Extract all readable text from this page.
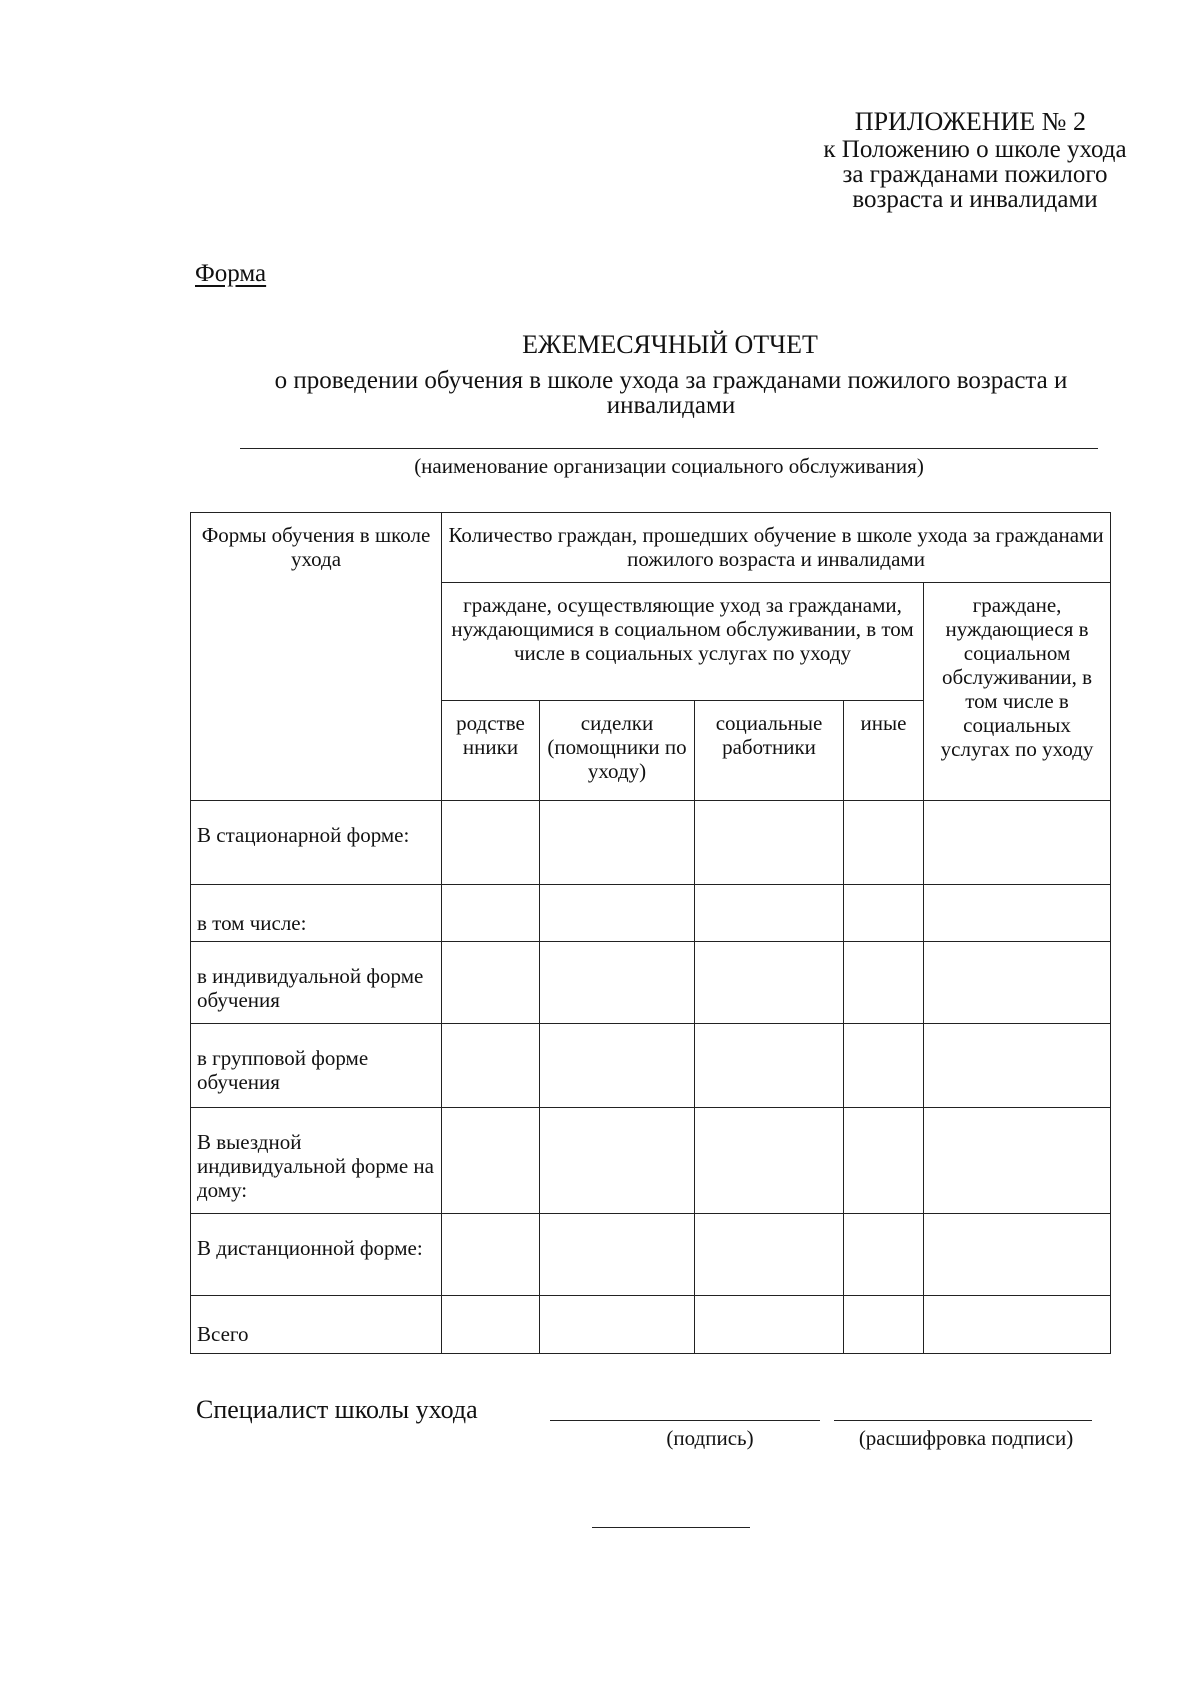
ПРИЛОЖЕНИЕ № 2
к Положению о школе ухода
за гражданами пожилого
возраста и инвалидами
Форма
ЕЖЕМЕСЯЧНЫЙ ОТЧЕТ
о проведении обучения в школе ухода за гражданами пожилого возраста и инвалидами
(наименование организации социального обслуживания)
Формы обучения в школе ухода	Количество граждан, прошедших обучение в школе ухода за гражданами пожилого возраста и инвалидами				
	граждане, осуществляющие уход за гражданами, нуждающимися в социальном обслуживании, в том числе в социальных услугах по уходу				граждане, нуждающиеся в социальном обслуживании, в том числе в социальных услугах по уходу
	родстве нники	сиделки (помощники по уходу)	социальные работники	иные	
В стационарной форме:					
в том числе:					
в индивидуальной форме обучения					
в групповой форме обучения					
В выездной индивидуальной форме на дому:					
В дистанционной форме:					
Всего					
Специалист школы ухода
(подпись)	(расшифровка подписи)
